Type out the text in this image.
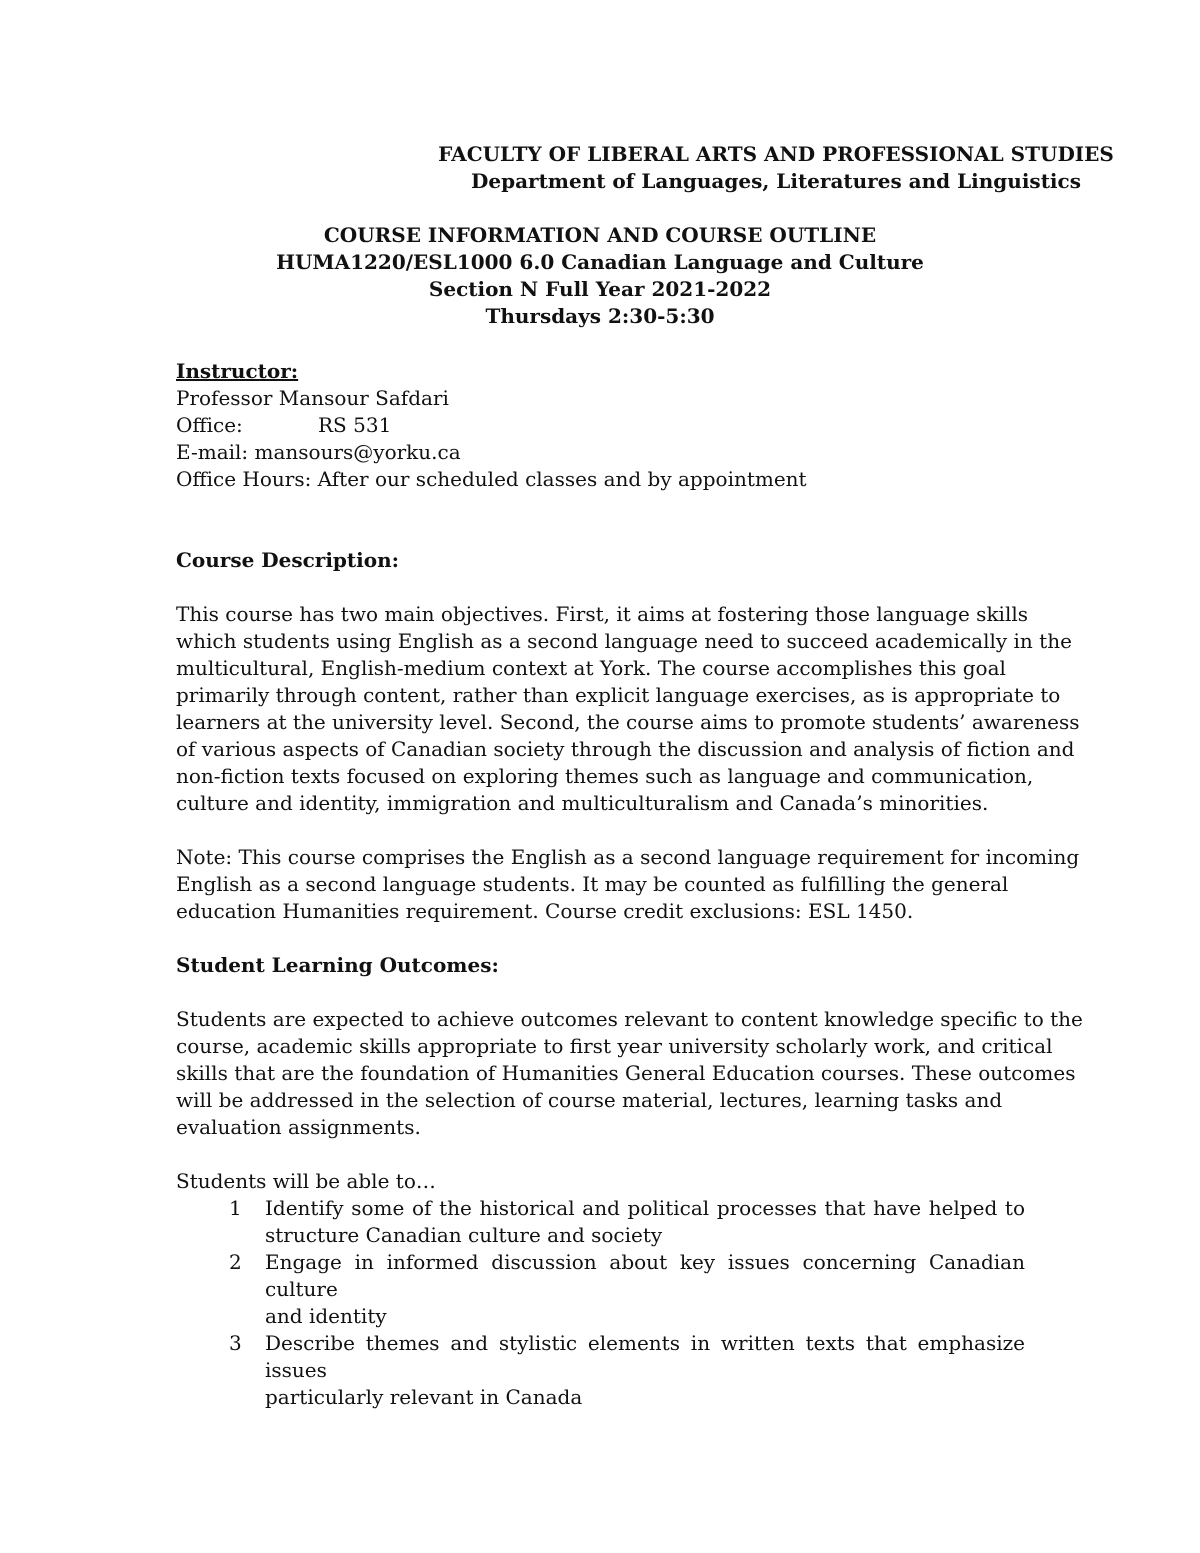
FACULTY OF LIBERAL ARTS AND PROFESSIONAL STUDIES
Department of Languages, Literatures and Linguistics
COURSE INFORMATION AND COURSE OUTLINE
HUMA1220/ESL1000 6.0 Canadian Language and Culture
Section N Full Year 2021-2022
Thursdays 2:30-5:30
Instructor:
Professor Mansour Safdari
Office:	RS 531
E-mail: mansours@yorku.ca
Office Hours: After our scheduled classes and by appointment
Course Description:
This course has two main objectives. First, it aims at fostering those language skills
which students using English as a second language need to succeed academically in the
multicultural, English-medium context at York. The course accomplishes this goal
primarily through content, rather than explicit language exercises, as is appropriate to
learners at the university level. Second, the course aims to promote students’ awareness
of various aspects of Canadian society through the discussion and analysis of fiction and
non-fiction texts focused on exploring themes such as language and communication,
culture and identity, immigration and multiculturalism and Canada’s minorities.
Note: This course comprises the English as a second language requirement for incoming
English as a second language students. It may be counted as fulfilling the general
education Humanities requirement. Course credit exclusions: ESL 1450.
Student Learning Outcomes:
Students are expected to achieve outcomes relevant to content knowledge specific to the
course, academic skills appropriate to first year university scholarly work, and critical
skills that are the foundation of Humanities General Education courses. These outcomes
will be addressed in the selection of course material, lectures, learning tasks and
evaluation assignments.
Students will be able to…
1	Identify some of the historical and political processes that have helped to
structure Canadian culture and society
2	Engage in informed discussion about key issues concerning Canadian culture
and identity
3	Describe themes and stylistic elements in written texts that emphasize issues
particularly relevant in Canada
